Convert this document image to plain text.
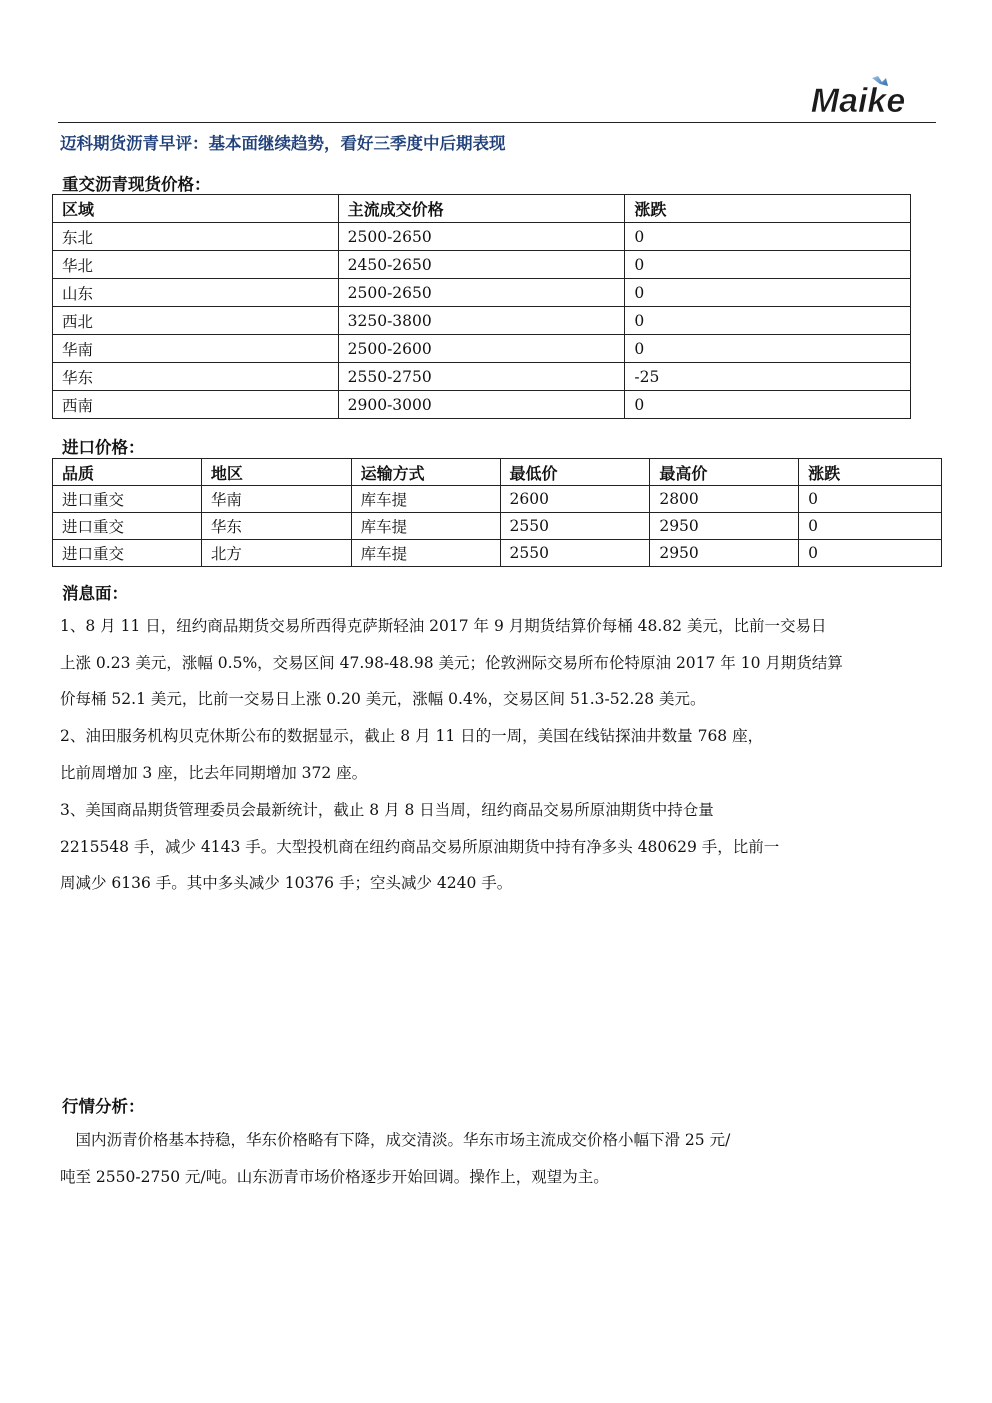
Maike
迈科期货沥青早评：基本面继续趋势，看好三季度中后期表现
重交沥青现货价格：
区域	主流成交价格	涨跌
东北	2500-2650	0
华北	2450-2650	0
山东	2500-2650	0
西北	3250-3800	0
华南	2500-2600	0
华东	2550-2750	-25
西南	2900-3000	0
进口价格：
品质	地区	运输方式	最低价	最高价	涨跌
进口重交	华南	库车提	2600	2800	0
进口重交	华东	库车提	2550	2950	0
进口重交	北方	库车提	2550	2950	0
消息面：
1、8 月 11 日，纽约商品期货交易所西得克萨斯轻油 2017 年 9 月期货结算价每桶 48.82 美元，比前一交易日
上涨 0.23 美元，涨幅 0.5%，交易区间 47.98-48.98 美元；伦敦洲际交易所布伦特原油 2017 年 10 月期货结算
价每桶 52.1 美元，比前一交易日上涨 0.20 美元，涨幅 0.4%，交易区间 51.3-52.28 美元。
2、油田服务机构贝克休斯公布的数据显示，截止 8 月 11 日的一周，美国在线钻探油井数量 768 座，
比前周增加 3 座，比去年同期增加 372 座。
3、美国商品期货管理委员会最新统计，截止 8 月 8 日当周，纽约商品交易所原油期货中持仓量
2215548 手，减少 4143 手。大型投机商在纽约商品交易所原油期货中持有净多头 480629 手，比前一
周减少 6136 手。其中多头减少 10376 手；空头减少 4240 手。
行情分析：
　国内沥青价格基本持稳，华东价格略有下降，成交清淡。华东市场主流成交价格小幅下滑 25 元/
吨至 2550-2750 元/吨。山东沥青市场价格逐步开始回调。操作上，观望为主。
